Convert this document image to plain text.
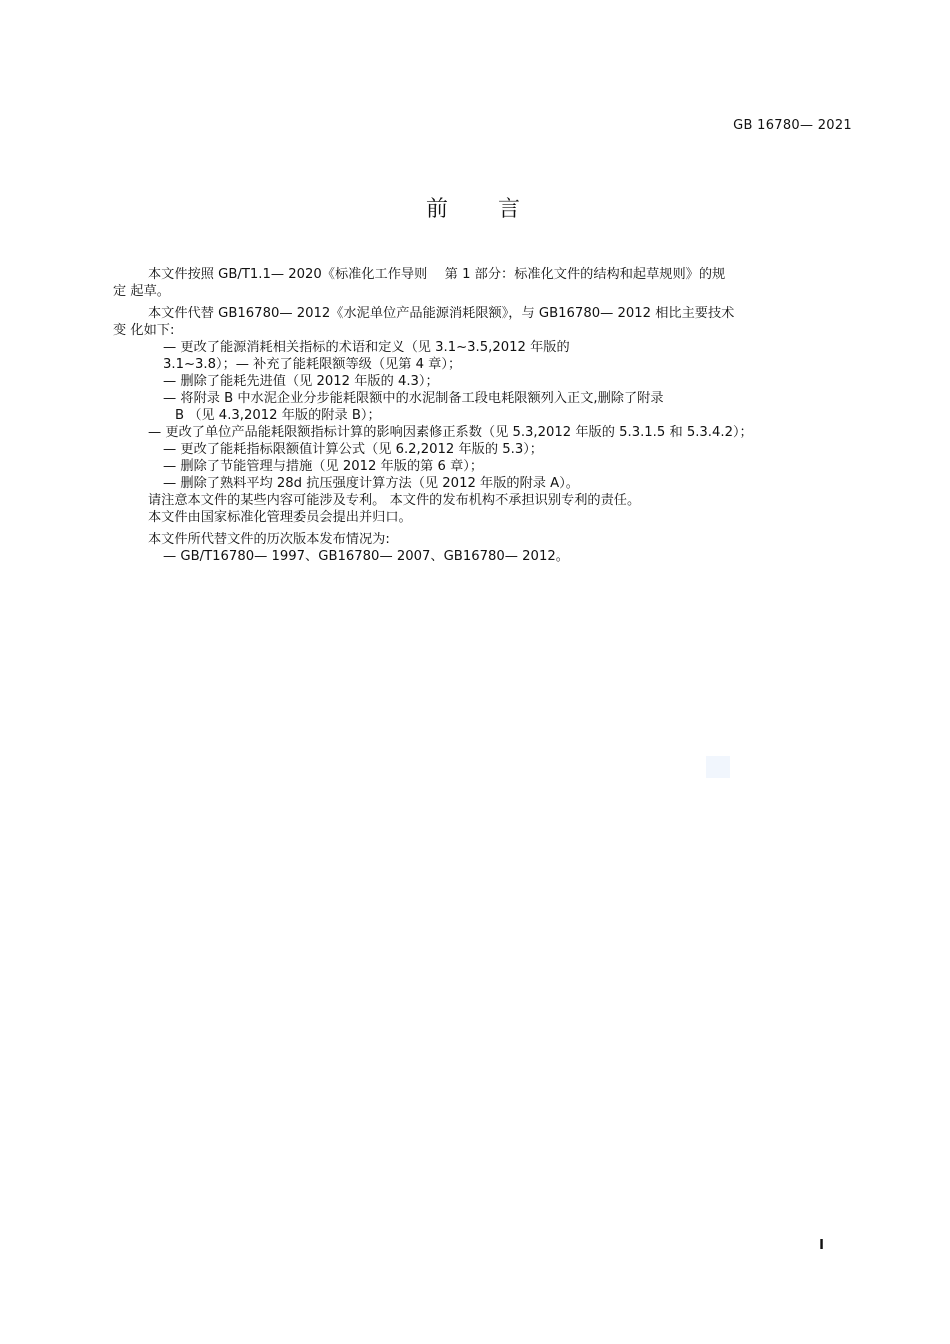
GB 16780— 2021
前 言

本文件按照 GB/T1.1— 2020《标准化工作导则　 第 1 部分：标准化文件的结构和起草规则》的规

定 起草。

本文件代替 GB16780— 2012《水泥单位产品能源消耗限额》，与 GB16780— 2012 相比主要技术

变 化如下:

— 更改了能源消耗相关指标的术语和定义（见 3.1~3.5,2012 年版的

3.1~3.8）；— 补充了能耗限额等级（见第 4 章）；

— 删除了能耗先进值（见 2012 年版的 4.3）；

— 将附录 B 中水泥企业分步能耗限额中的水泥制备工段电耗限额列入正文,删除了附录

B （见 4.3,2012 年版的附录 B）；

— 更改了单位产品能耗限额指标计算的影响因素修正系数（见 5.3,2012 年版的 5.3.1.5 和 5.3.4.2）；

— 更改了能耗指标限额值计算公式（见 6.2,2012 年版的 5.3）；

— 删除了节能管理与措施（见 2012 年版的第 6 章）；

— 删除了熟料平均 28d 抗压强度计算方法（见 2012 年版的附录 A）。

请注意本文件的某些内容可能涉及专利。 本文件的发布机构不承担识别专利的责任。

本文件由国家标准化管理委员会提出并归口。

本文件所代替文件的历次版本发布情况为:

— GB/T16780— 1997、GB16780— 2007、GB16780— 2012。

I
